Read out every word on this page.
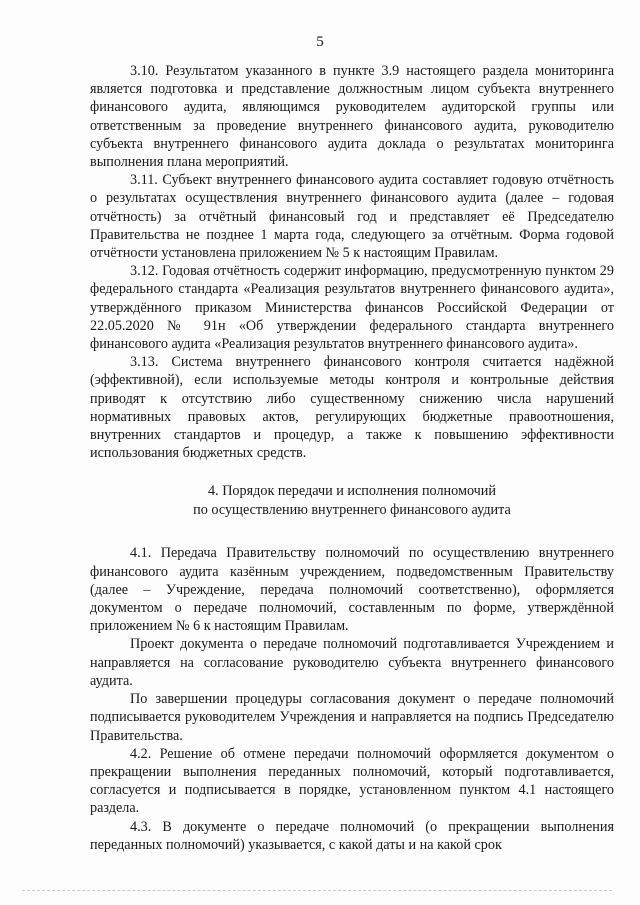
5

3.10. Результатом указанного в пункте 3.9 настоящего раздела мониторинга является подготовка и представление должностным лицом субъекта внутреннего финансового аудита, являющимся руководителем аудиторской группы или ответственным за проведение внутреннего финансового аудита, руководителю субъекта внутреннего финансового аудита доклада о результатах мониторинга выполнения плана мероприятий.

3.11. Субъект внутреннего финансового аудита составляет годовую отчётность о результатах осуществления внутреннего финансового аудита (далее – годовая отчётность) за отчётный финансовый год и представляет её Председателю Правительства не позднее 1 марта года, следующего за отчётным. Форма годовой отчётности установлена приложением № 5 к настоящим Правилам.

3.12. Годовая отчётность содержит информацию, предусмотренную пунктом 29 федерального стандарта «Реализация результатов внутреннего финансового аудита», утверждённого приказом Министерства финансов Российской Федерации от 22.05.2020 № 91н «Об утверждении федерального стандарта внутреннего финансового аудита «Реализация результатов внутреннего финансового аудита».

3.13. Система внутреннего финансового контроля считается надёжной (эффективной), если используемые методы контроля и контрольные действия приводят к отсутствию либо существенному снижению числа нарушений нормативных правовых актов, регулирующих бюджетные правоотношения, внутренних стандартов и процедур, а также к повышению эффективности использования бюджетных средств.

4. Порядок передачи и исполнения полномочий
по осуществлению внутреннего финансового аудита

4.1. Передача Правительству полномочий по осуществлению внутреннего финансового аудита казённым учреждением, подведомственным Правительству (далее – Учреждение, передача полномочий соответственно), оформляется документом о передаче полномочий, составленным по форме, утверждённой приложением № 6 к настоящим Правилам.

Проект документа о передаче полномочий подготавливается Учреждением и направляется на согласование руководителю субъекта внутреннего финансового аудита.

По завершении процедуры согласования документ о передаче полномочий подписывается руководителем Учреждения и направляется на подпись Председателю Правительства.

4.2. Решение об отмене передачи полномочий оформляется документом о прекращении выполнения переданных полномочий, который подготавливается, согласуется и подписывается в порядке, установленном пунктом 4.1 настоящего раздела.

4.3. В документе о передаче полномочий (о прекращении выполнения переданных полномочий) указывается, с какой даты и на какой срок
